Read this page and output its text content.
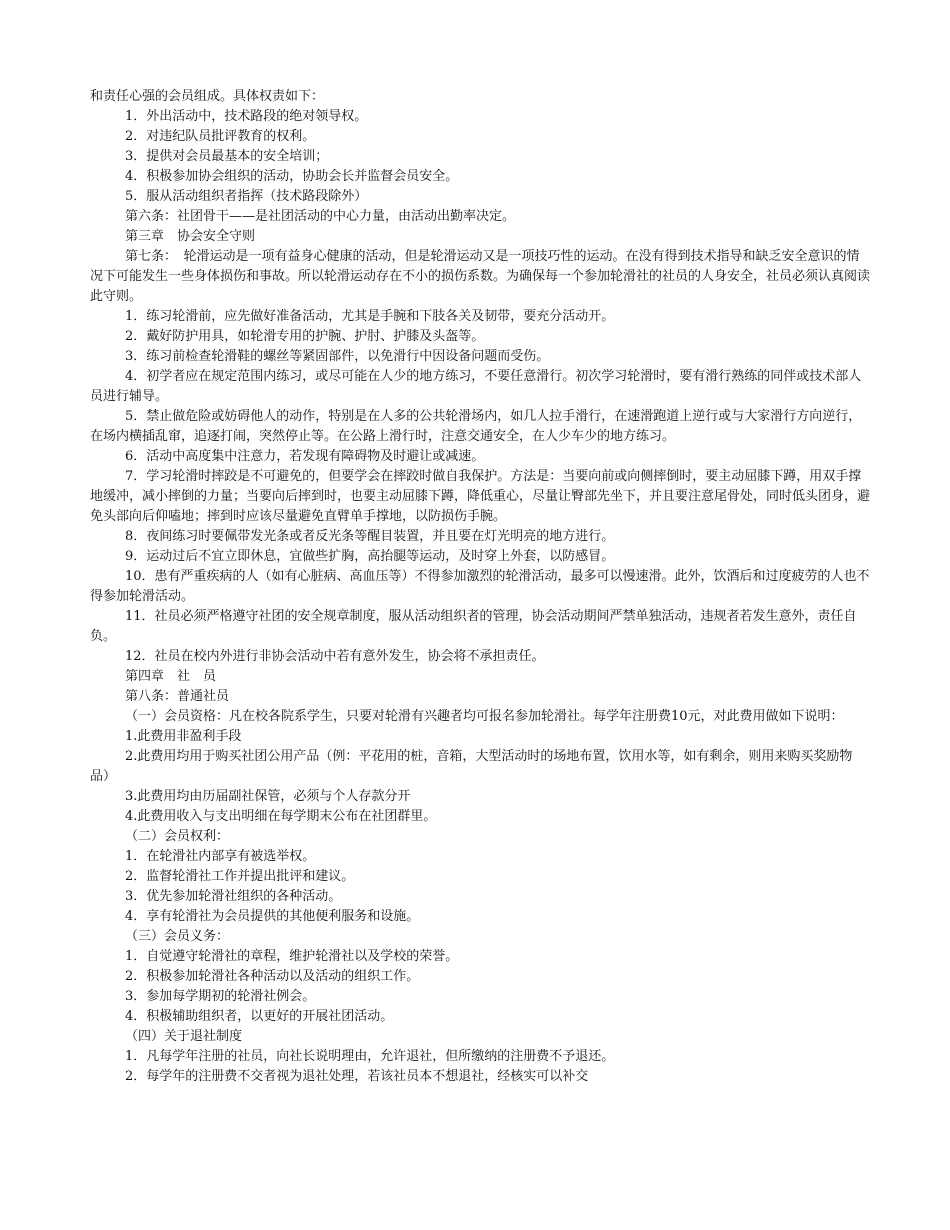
和责任心强的会员组成。具体权责如下：

1．外出活动中，技术路段的绝对领导权。

2．对违纪队员批评教育的权利。

3．提供对会员最基本的安全培训；

4．积极参加协会组织的活动，协助会长并监督会员安全。

5．服从活动组织者指挥（技术路段除外）

第六条：社团骨干——是社团活动的中心力量，由活动出勤率决定。

第三章　协会安全守则

第七条：　轮滑运动是一项有益身心健康的活动，但是轮滑运动又是一项技巧性的运动。在没有得到技术指导和缺乏安全意识的情况下可能发生一些身体损伤和事故。所以轮滑运动存在不小的损伤系数。为确保每一个参加轮滑社的社员的人身安全，社员必须认真阅读此守则。

1．练习轮滑前，应先做好准备活动，尤其是手腕和下肢各关及韧带，要充分活动开。

2．戴好防护用具，如轮滑专用的护腕、护肘、护膝及头盔等。

3．练习前检查轮滑鞋的螺丝等紧固部件，以免滑行中因设备问题而受伤。

4．初学者应在规定范围内练习，或尽可能在人少的地方练习，不要任意滑行。初次学习轮滑时，要有滑行熟练的同伴或技术部人员进行辅导。

5．禁止做危险或妨碍他人的动作，特别是在人多的公共轮滑场内，如几人拉手滑行，在速滑跑道上逆行或与大家滑行方向逆行，在场内横插乱窜，追逐打闹，突然停止等。在公路上滑行时，注意交通安全，在人少车少的地方练习。

6．活动中高度集中注意力，若发现有障碍物及时避让或减速。

7．学习轮滑时摔跤是不可避免的，但要学会在摔跤时做自我保护。方法是：当要向前或向侧摔倒时，要主动屈膝下蹲，用双手撑地缓冲，减小摔倒的力量；当要向后摔到时，也要主动屈膝下蹲，降低重心，尽量让臀部先坐下，并且要注意尾骨处，同时低头团身，避免头部向后仰嗑地；摔到时应该尽量避免直臂单手撑地，以防损伤手腕。

8．夜间练习时要佩带发光条或者反光条等醒目装置，并且要在灯光明亮的地方进行。

9．运动过后不宜立即休息，宜做些扩胸，高抬腿等运动，及时穿上外套，以防感冒。

10．患有严重疾病的人（如有心脏病、高血压等）不得参加激烈的轮滑活动，最多可以慢速滑。此外，饮酒后和过度疲劳的人也不得参加轮滑活动。

11．社员必须严格遵守社团的安全规章制度，服从活动组织者的管理，协会活动期间严禁单独活动，违规者若发生意外，责任自负。

12．社员在校内外进行非协会活动中若有意外发生，协会将不承担责任。

第四章　社　员

第八条：普通社员

（一）会员资格：凡在校各院系学生，只要对轮滑有兴趣者均可报名参加轮滑社。每学年注册费10元，对此费用做如下说明：

1.此费用非盈利手段

2.此费用均用于购买社团公用产品（例：平花用的桩，音箱，大型活动时的场地布置，饮用水等，如有剩余，则用来购买奖励物品）

3.此费用均由历届副社保管，必须与个人存款分开

4.此费用收入与支出明细在每学期末公布在社团群里。

（二）会员权利：

1．在轮滑社内部享有被选举权。

2．监督轮滑社工作并提出批评和建议。

3．优先参加轮滑社组织的各种活动。

4．享有轮滑社为会员提供的其他便利服务和设施。

（三）会员义务：

1．自觉遵守轮滑社的章程，维护轮滑社以及学校的荣誉。

2．积极参加轮滑社各种活动以及活动的组织工作。

3．参加每学期初的轮滑社例会。

4．积极辅助组织者，以更好的开展社团活动。

（四）关于退社制度

1．凡每学年注册的社员，向社长说明理由，允许退社，但所缴纳的注册费不予退还。

2．每学年的注册费不交者视为退社处理，若该社员本不想退社，经核实可以补交
